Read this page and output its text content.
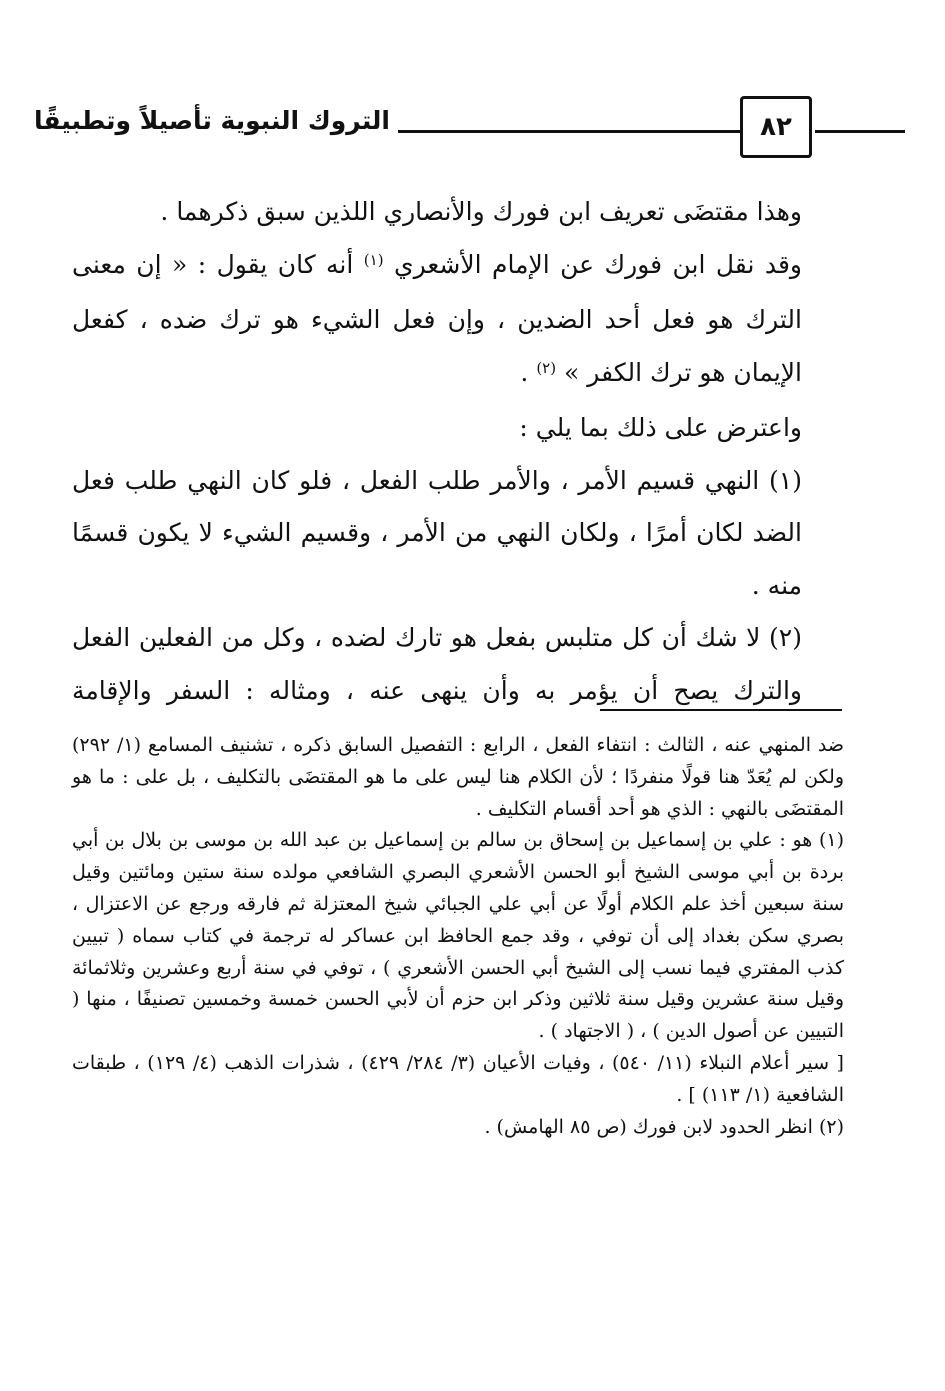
التروك النبوية تأصيلاً وتطبيقًا	٨٢

وهذا مقتضَى تعريف ابن فورك والأنصاري اللذين سبق ذكرهما .

وقد نقل ابن فورك عن الإمام الأشعري $^{(١)}$ أنه كان يقول : « إن معنى الترك هو فعل أحد الضدين ، وإن فعل الشيء هو ترك ضده ، كفعل الإيمان هو ترك الكفر » $^{(٢)}$ .

واعترض على ذلك بما يلي :

(١) النهي قسيم الأمر ، والأمر طلب الفعل ، فلو كان النهي طلب فعل الضد لكان أمرًا ، ولكان النهي من الأمر ، وقسيم الشيء لا يكون قسمًا منه .

(٢) لا شك أن كل متلبس بفعل هو تارك لضده ، وكل من الفعلين الفعل والترك يصح أن يؤمر به وأن ينهى عنه ، ومثاله : السفر والإقامة

ضد المنهي عنه ، الثالث : انتفاء الفعل ، الرابع : التفصيل السابق ذكره ، تشنيف المسامع (١/ ٢٩٢) ولكن لم يُعَدّ هنا قولًا منفردًا ؛ لأن الكلام هنا ليس على ما هو المقتضَى بالتكليف ، بل على : ما هو المقتضَى بالنهي : الذي هو أحد أقسام التكليف .

(١) هو : علي بن إسماعيل بن إسحاق بن سالم بن إسماعيل بن عبد الله بن موسى بن بلال بن أبي بردة بن أبي موسى الشيخ أبو الحسن الأشعري البصري الشافعي مولده سنة ستين ومائتين وقيل سنة سبعين أخذ علم الكلام أولًا عن أبي علي الجبائي شيخ المعتزلة ثم فارقه ورجع عن الاعتزال ، بصري سكن بغداد إلى أن توفي ، وقد جمع الحافظ ابن عساكر له ترجمة في كتاب سماه ( تبيين كذب المفتري فيما نسب إلى الشيخ أبي الحسن الأشعري ) ، توفي في سنة أربع وعشرين وثلاثمائة وقيل سنة عشرين وقيل سنة ثلاثين وذكر ابن حزم أن لأبي الحسن خمسة وخمسين تصنيفًا ، منها ( التبيين عن أصول الدين ) ، ( الاجتهاد ) .

[ سير أعلام النبلاء (١١/ ٥٤٠) ، وفيات الأعيان (٣/ ٢٨٤/ ٤٢٩) ، شذرات الذهب (٤/ ١٢٩) ، طبقات الشافعية (١/ ١١٣) ] .

(٢) انظر الحدود لابن فورك (ص ٨٥ الهامش) .
